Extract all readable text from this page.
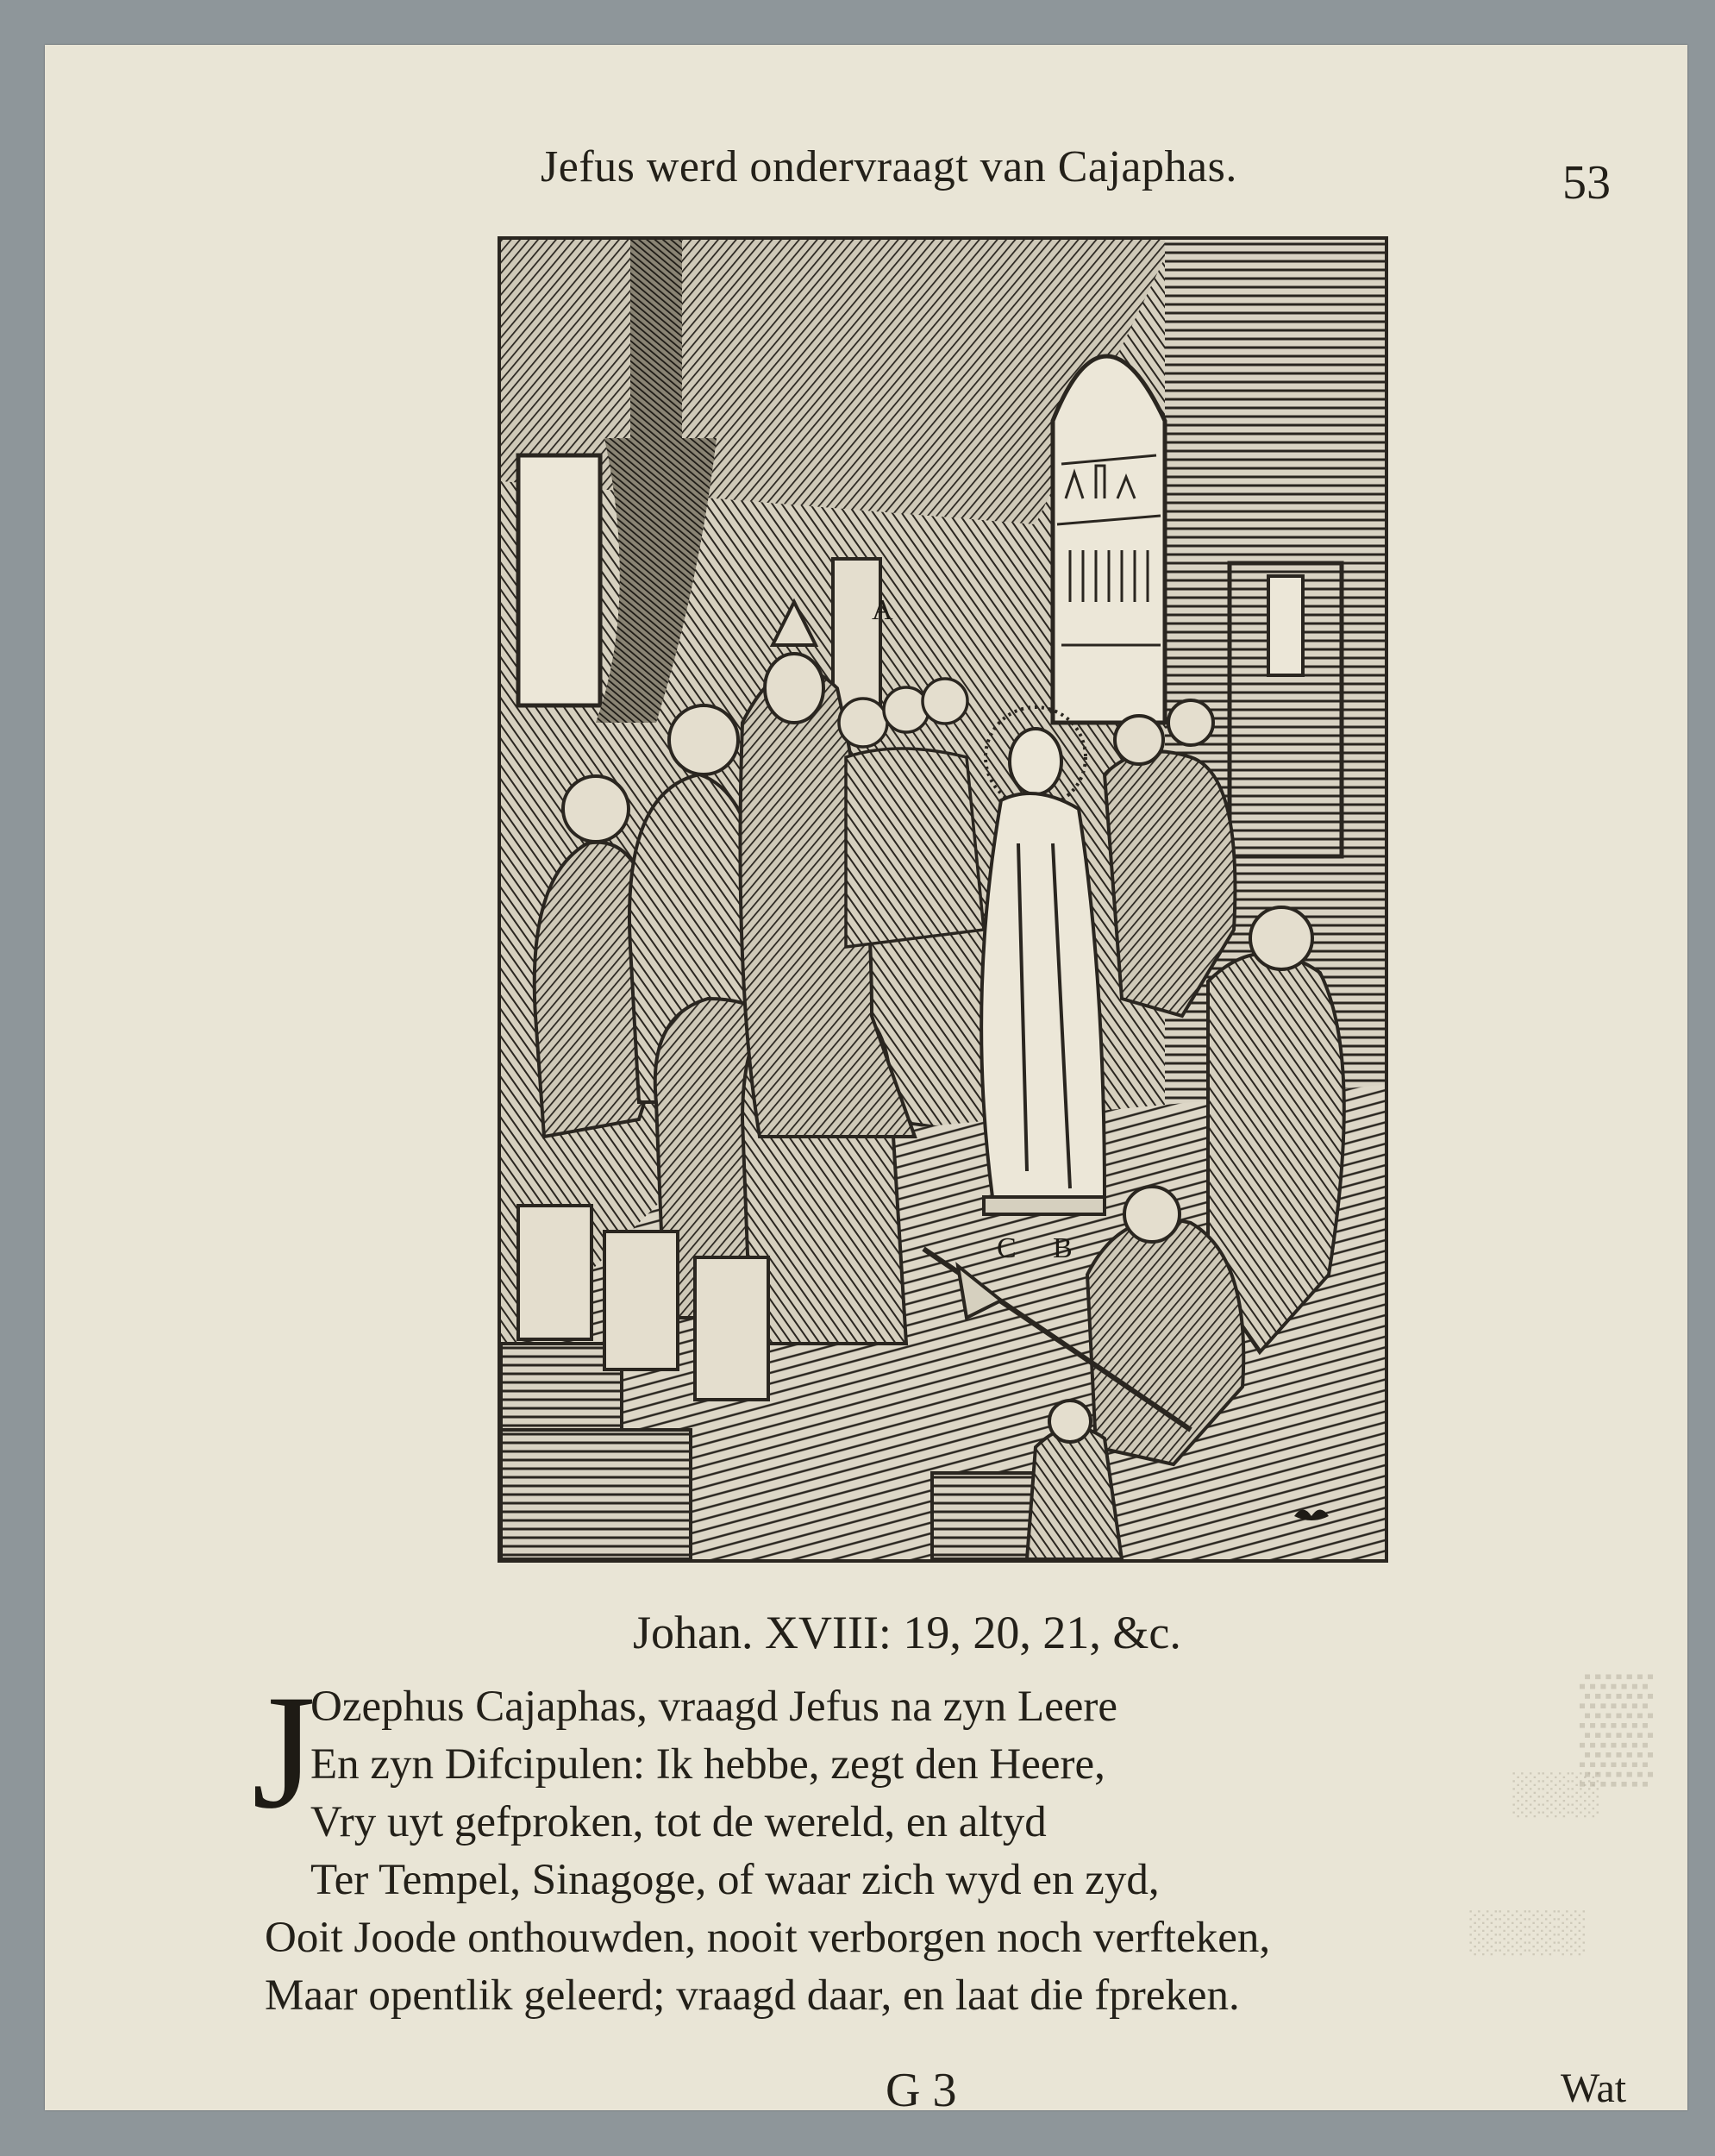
▒
░░░
░░░░
Jefus werd ondervraagt van Cajaphas.	53
A
C B
Johan. XVIII: 19, 20, 21, &c.
J
Ozephus Cajaphas, vraagd Jefus na zyn Leere
En zyn Difcipulen: Ik hebbe, zegt den Heere,
Vry uyt gefproken, tot de wereld, en altyd
Ter Tempel, Sinagoge, of waar zich wyd en zyd,
Ooit Joode onthouwden, nooit verborgen noch verfteken,
Maar opentlik geleerd; vraagd daar, en laat die fpreken.
G 3	Wat
